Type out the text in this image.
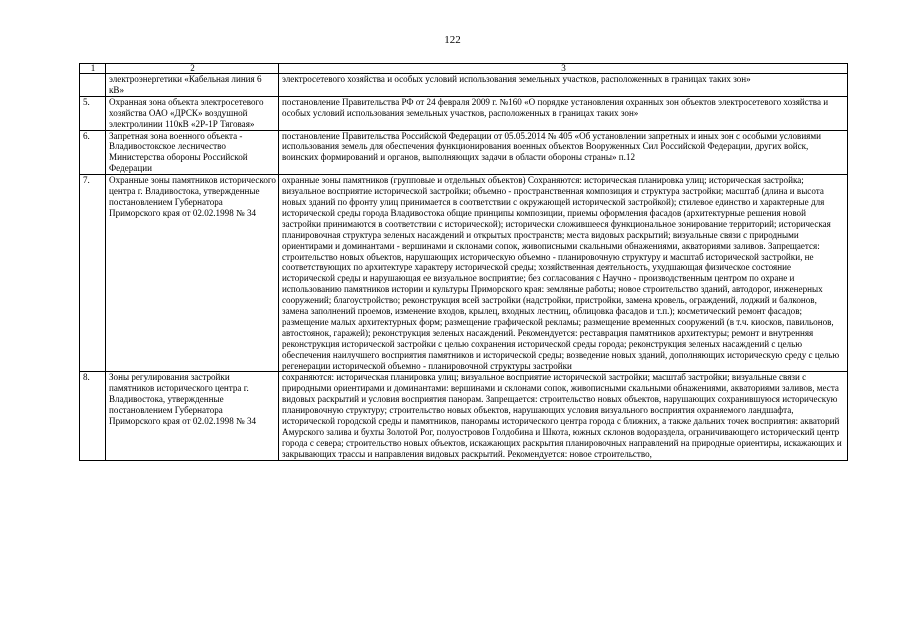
122
1	2	3
	электроэнергетики «Кабельная линия 6 кВ»	электросетевого хозяйства и особых условий использования земельных участков, расположенных в границах таких зон»
5.	Охранная зона объекта электросетевого хозяйства ОАО «ДРСК» воздушной электролинии 110кВ «2Р-1Р Тяговая»	постановление Правительства РФ от 24 февраля 2009 г. №160 «О порядке установления охранных зон объектов электросетевого хозяйства и особых условий использования земельных участков, расположенных в границах таких зон»
6.	Запретная зона военного объекта - Владивостокское лесничество Министерства обороны Российской Федерации	постановление Правительства Российской Федерации от 05.05.2014 № 405 «Об установлении запретных и иных зон с особыми условиями использования земель для обеспечения функционирования военных объектов Вооруженных Сил Российской Федерации, других войск, воинских формирований и органов, выполняющих задачи в области обороны страны» п.12
7.	Охранные зоны памятников исторического центра г. Владивостока, утвержденные постановлением Губернатора Приморского края от 02.02.1998 № 34	охранные зоны памятников (групповые и отдельных объектов) Сохраняются: историческая планировка улиц; историческая застройка; визуальное восприятие исторической застройки; объемно - пространственная композиция и структура застройки; масштаб (длина и высота новых зданий по фронту улиц принимается в соответствии с окружающей исторической застройкой); стилевое единство и характерные для исторической среды города Владивостока общие принципы композиции, приемы оформления фасадов (архитектурные решения новой застройки принимаются в соответствии с исторической); исторически сложившееся функциональное зонирование территорий; историческая планировочная структура зеленых насаждений и открытых пространств; места видовых раскрытий; визуальные связи с природными ориентирами и доминантами - вершинами и склонами сопок, живописными скальными обнажениями, акваториями заливов. Запрещается: строительство новых объектов, нарушающих историческую объемно - планировочную структуру и масштаб исторической застройки, не соответствующих по архитектуре характеру исторической среды; хозяйственная деятельность, ухудшающая физическое состояние исторической среды и нарушающая ее визуальное восприятие; без согласования с Научно - производственным центром по охране и использованию памятников истории и культуры Приморского края: земляные работы; новое строительство зданий, автодорог, инженерных сооружений; благоустройство; реконструкция всей застройки (надстройки, пристройки, замена кровель, ограждений, лоджий и балконов, замена заполнений проемов, изменение входов, крылец, входных лестниц, облицовка фасадов и т.п.); косметический ремонт фасадов; размещение малых архитектурных форм; размещение графической рекламы; размещение временных сооружений (в т.ч. киосков, павильонов, автостоянок, гаражей); реконструкция зеленых насаждений. Рекомендуется: реставрация памятников архитектуры; ремонт и внутренняя реконструкция исторической застройки с целью сохранения исторической среды города; реконструкция зеленых насаждений с целью обеспечения наилучшего восприятия памятников и исторической среды; возведение новых зданий, дополняющих историческую среду с целью регенерации исторической объемно - планировочной структуры застройки
8.	Зоны регулирования застройки памятников исторического центра г. Владивостока, утвержденные постановлением Губернатора Приморского края от 02.02.1998 № 34	сохраняются: историческая планировка улиц; визуальное восприятие исторической застройки; масштаб застройки; визуальные связи с природными ориентирами и доминантами: вершинами и склонами сопок, живописными скальными обнажениями, акваториями заливов, места видовых раскрытий и условия восприятия панорам. Запрещается: строительство новых объектов, нарушающих сохранившуюся историческую планировочную структуру; строительство новых объектов, нарушающих условия визуального восприятия охраняемого ландшафта, исторической городской среды и памятников, панорамы исторического центра города с ближних, а также дальних точек восприятия: акваторий Амурского залива и бухты Золотой Рог, полуостровов Голдобина и Шкота, южных склонов водораздела, ограничивающего исторический центр города с севера; строительство новых объектов, искажающих раскрытия планировочных направлений на природные ориентиры, искажающих и закрывающих трассы и направления видовых раскрытий. Рекомендуется: новое строительство,
